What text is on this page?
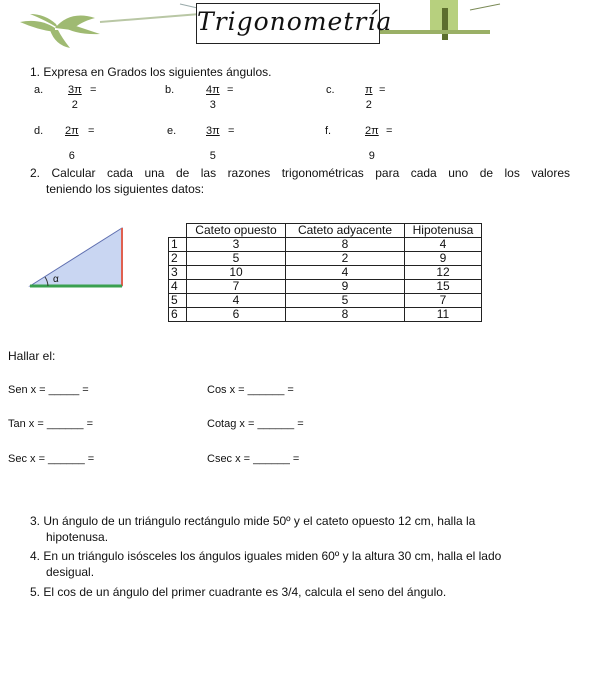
Trigonometría
1. Expresa en Grados los siguientes ángulos.
a. $\frac{3\pi}{2}$ =	b.	$\frac{4\pi}{3}$ =	c.	$\frac{\pi}{2}$ =
d. $\frac{2\pi}{6}$ =	e.	$\frac{3\pi}{5}$ =	f.	$\frac{2\pi}{9}$ =
2. Calcular cada una de las razones trigonométricas para cada uno de los valores
teniendo los siguientes datos:
α
	Cateto opuesto	Cateto adyacente	Hipotenusa
1	3	8	4
2	5	2	9
3	10	4	12
4	7	9	15
5	4	5	7
6	6	8	11
Hallar el:
Sen x = _____ =	Cos x = ______ =
Tan x = ______ =	Cotag x = ______ =
Sec x = ______ =	Csec x = ______ =
3. Un ángulo de un triángulo rectángulo mide 50º y el cateto opuesto 12 cm, halla la
hipotenusa.
4. En un triángulo isósceles los ángulos iguales miden 60º y la altura 30 cm, halla el lado
desigual.
5. El cos de un ángulo del primer cuadrante es 3/4, calcula el seno del ángulo.
